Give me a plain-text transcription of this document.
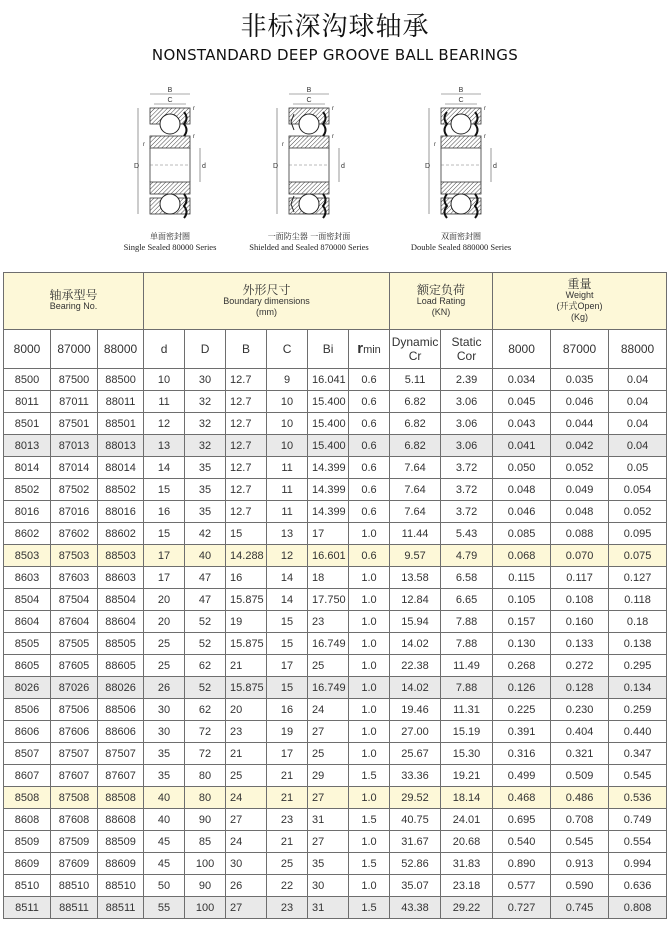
非标深沟球轴承
NONSTANDARD DEEP GROOVE BALL BEARINGS
B
C
D	d
r
r
r
单面密封圈
Single Sealed 80000 Series
B
C
D	d
r
r
r
一面防尘器 一面密封面
Shielded and Sealed 870000 Series
B
C
D	d
r
r
r
双面密封圈
Double Sealed 880000 Series
轴承型号
Bearing No.			外形尺寸
Boundary dimensions
(mm)						额定负荷
Load Rating
(KN)		重量
Weight
(开式Open)
(Kg)		

8000	87000	88000	d	D	B	C	Bi	rmin	Dynamic
Cr	Static
Cor	8000	87000	88000
8500	87500	88500	10	30	12.7	9	16.041	0.6	5.11	2.39	0.034	0.035	0.04
8011	87011	88011	11	32	12.7	10	15.400	0.6	6.82	3.06	0.045	0.046	0.04
8501	87501	88501	12	32	12.7	10	15.400	0.6	6.82	3.06	0.043	0.044	0.04
8013	87013	88013	13	32	12.7	10	15.400	0.6	6.82	3.06	0.041	0.042	0.04
8014	87014	88014	14	35	12.7	11	14.399	0.6	7.64	3.72	0.050	0.052	0.05
8502	87502	88502	15	35	12.7	11	14.399	0.6	7.64	3.72	0.048	0.049	0.054
8016	87016	88016	16	35	12.7	11	14.399	0.6	7.64	3.72	0.046	0.048	0.052
8602	87602	88602	15	42	15	13	17	1.0	11.44	5.43	0.085	0.088	0.095
8503	87503	88503	17	40	14.288	12	16.601	0.6	9.57	4.79	0.068	0.070	0.075
8603	87603	88603	17	47	16	14	18	1.0	13.58	6.58	0.115	0.117	0.127
8504	87504	88504	20	47	15.875	14	17.750	1.0	12.84	6.65	0.105	0.108	0.118
8604	87604	88604	20	52	19	15	23	1.0	15.94	7.88	0.157	0.160	0.18
8505	87505	88505	25	52	15.875	15	16.749	1.0	14.02	7.88	0.130	0.133	0.138
8605	87605	88605	25	62	21	17	25	1.0	22.38	11.49	0.268	0.272	0.295
8026	87026	88026	26	52	15.875	15	16.749	1.0	14.02	7.88	0.126	0.128	0.134
8506	87506	88506	30	62	20	16	24	1.0	19.46	11.31	0.225	0.230	0.259
8606	87606	88606	30	72	23	19	27	1.0	27.00	15.19	0.391	0.404	0.440
8507	87507	87507	35	72	21	17	25	1.0	25.67	15.30	0.316	0.321	0.347
8607	87607	87607	35	80	25	21	29	1.5	33.36	19.21	0.499	0.509	0.545
8508	87508	88508	40	80	24	21	27	1.0	29.52	18.14	0.468	0.486	0.536
8608	87608	88608	40	90	27	23	31	1.5	40.75	24.01	0.695	0.708	0.749
8509	87509	88509	45	85	24	21	27	1.0	31.67	20.68	0.540	0.545	0.554
8609	87609	88609	45	100	30	25	35	1.5	52.86	31.83	0.890	0.913	0.994
8510	88510	88510	50	90	26	22	30	1.0	35.07	23.18	0.577	0.590	0.636
8511	88511	88511	55	100	27	23	31	1.5	43.38	29.22	0.727	0.745	0.808
